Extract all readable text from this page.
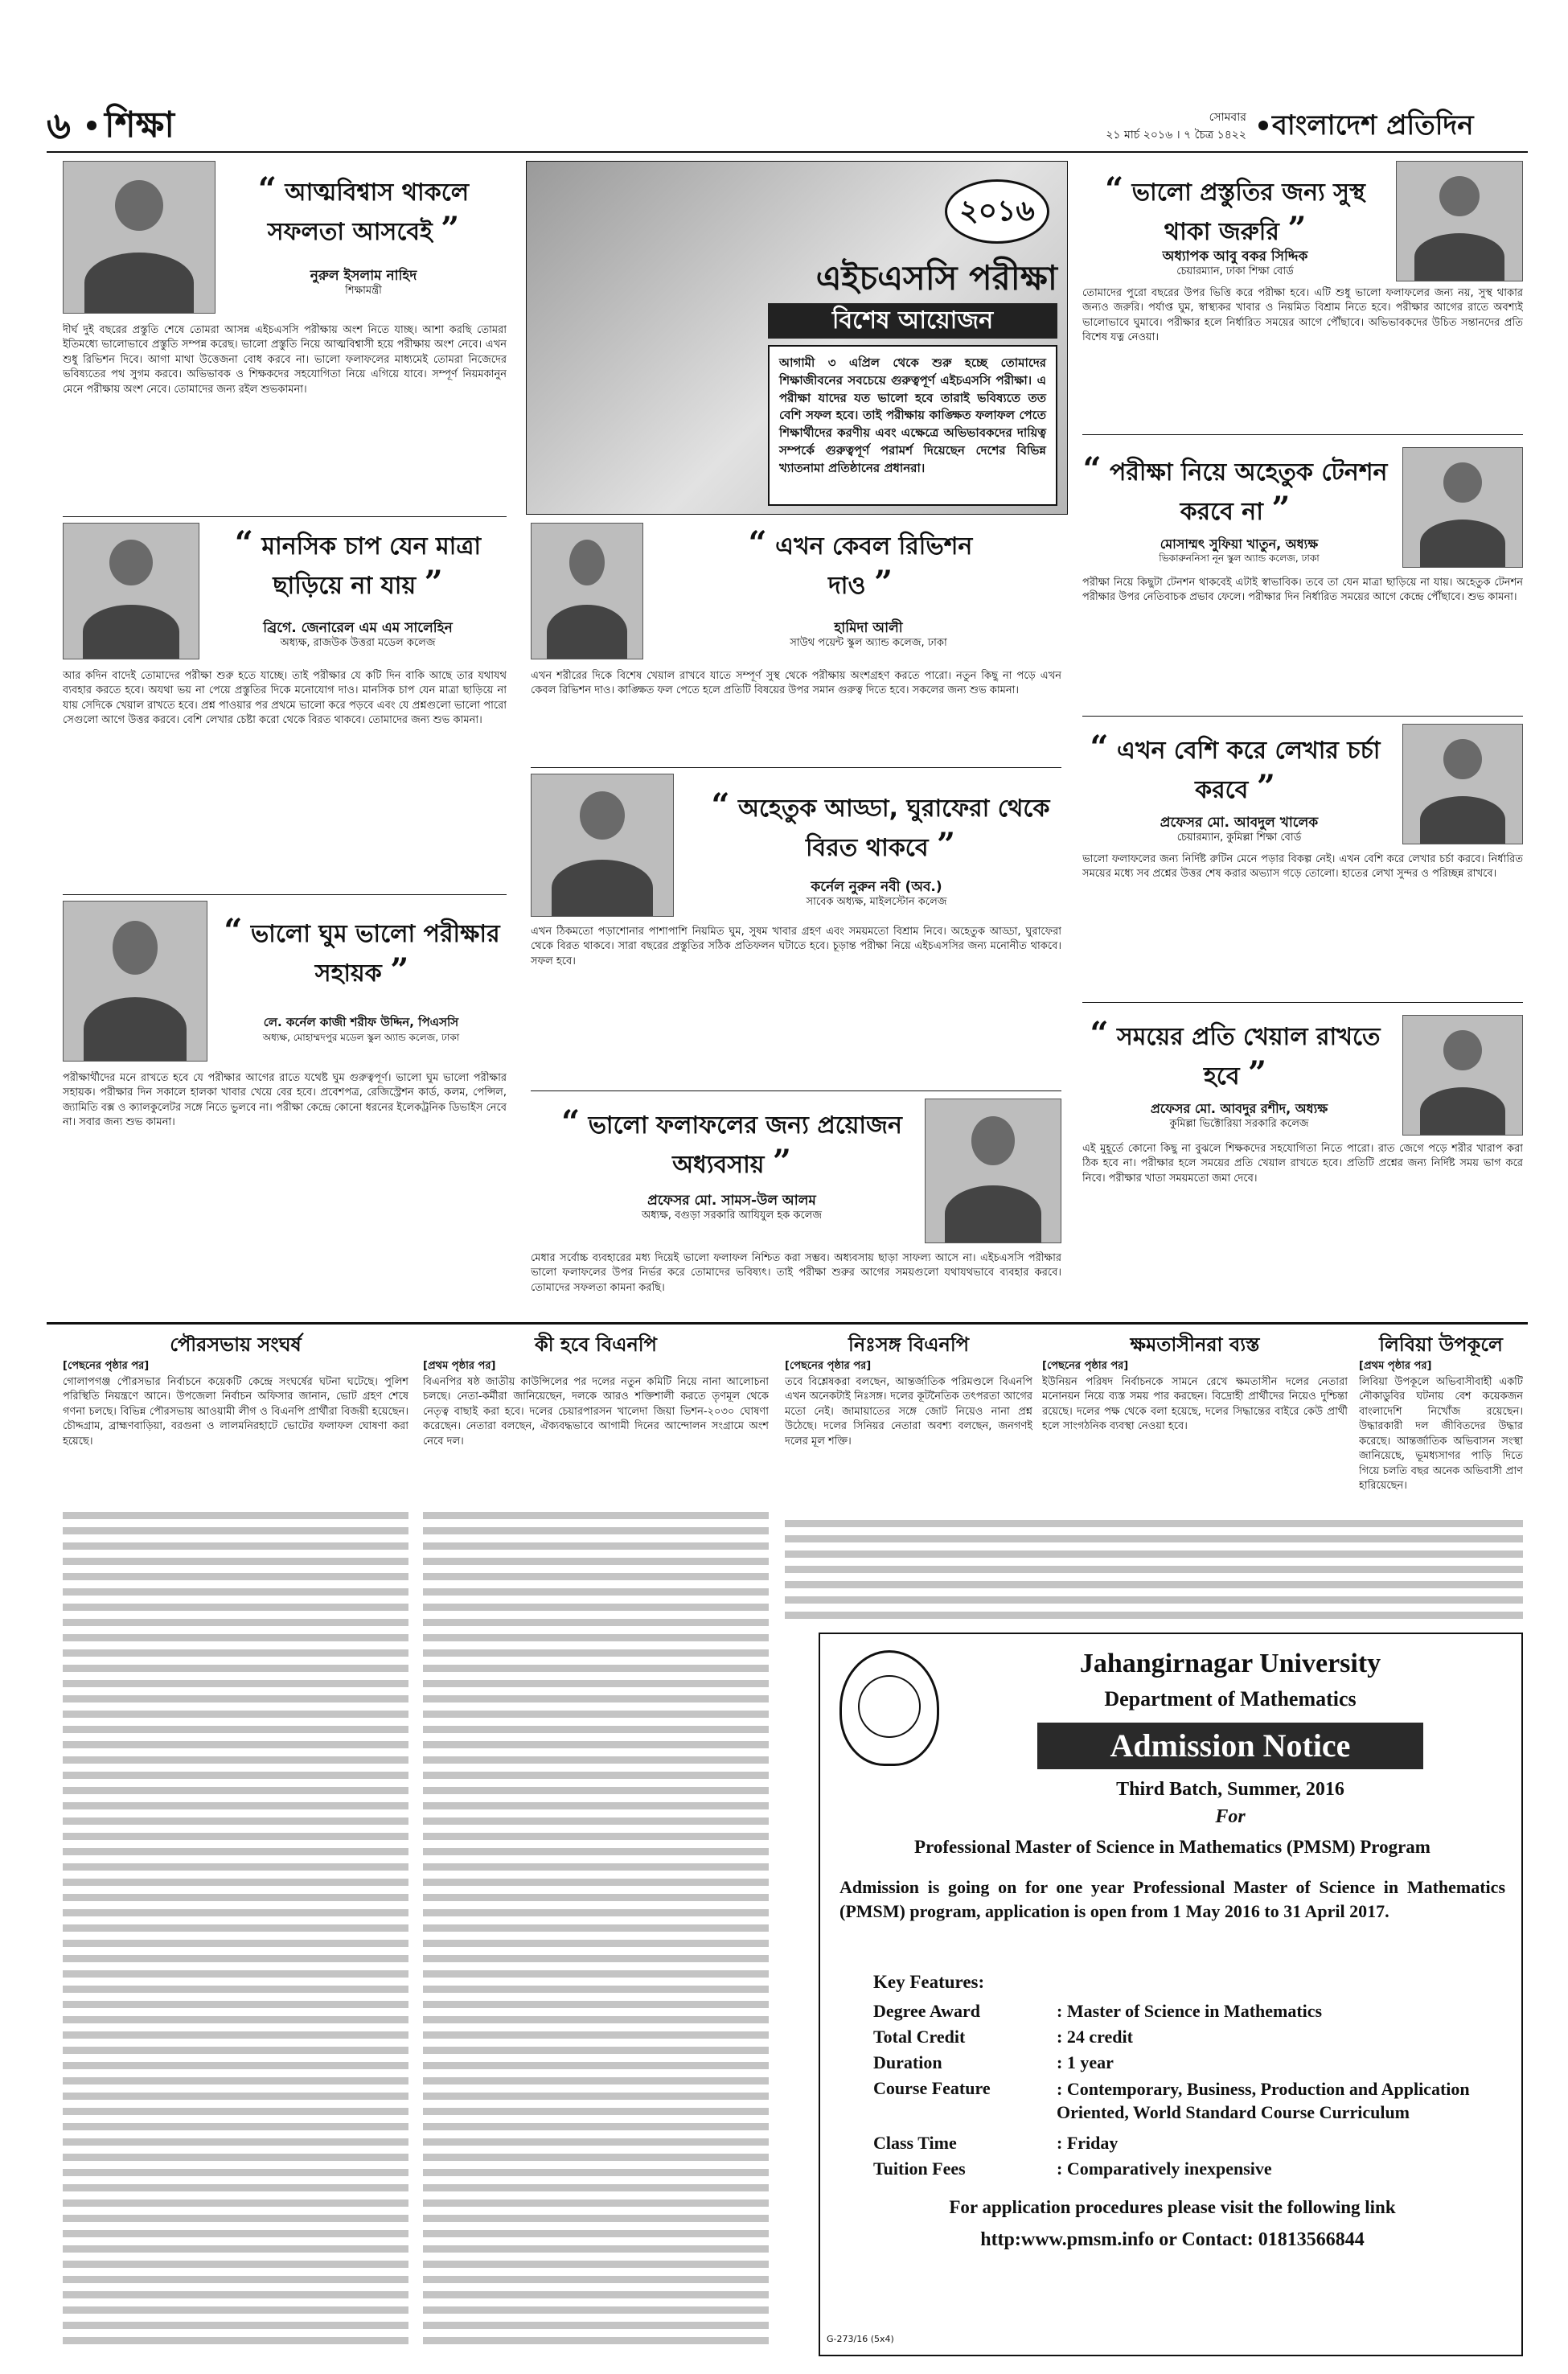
৬ শিক্ষা	সোমবার
২১ মার্চ ২০১৬ । ৭ চৈত্র ১৪২২ বাংলাদেশ প্রতিদিন
“ আত্মবিশ্বাস থাকলে সফলতা আসবেই ”
নুরুল ইসলাম নাহিদ
শিক্ষামন্ত্রী
দীর্ঘ দুই বছরের প্রস্তুতি শেষে তোমরা আসন্ন এইচএসসি পরীক্ষায় অংশ নিতে যাচ্ছ। আশা করছি তোমরা ইতিমধ্যে ভালোভাবে প্রস্তুতি সম্পন্ন করেছ। ভালো প্রস্তুতি নিয়ে আত্মবিশ্বাসী হয়ে পরীক্ষায় অংশ নেবে। এখন শুধু রিভিশন দিবে। আগা মাথা উত্তেজনা বোধ করবে না। ভালো ফলাফলের মাধ্যমেই তোমরা নিজেদের ভবিষ্যতের পথ সুগম করবে। অভিভাবক ও শিক্ষকদের সহযোগিতা নিয়ে এগিয়ে যাবে। সম্পূর্ণ নিয়মকানুন মেনে পরীক্ষায় অংশ নেবে। তোমাদের জন্য রইল শুভকামনা।
“ মানসিক চাপ যেন মাত্রা ছাড়িয়ে না যায় ”
ব্রিগে. জেনারেল এম এম সালেহিন
অধ্যক্ষ, রাজউক উত্তরা মডেল কলেজ
আর কদিন বাদেই তোমাদের পরীক্ষা শুরু হতে যাচ্ছে। তাই পরীক্ষার যে কটি দিন বাকি আছে তার যথাযথ ব্যবহার করতে হবে। অযথা ভয় না পেয়ে প্রস্তুতির দিকে মনোযোগ দাও। মানসিক চাপ যেন মাত্রা ছাড়িয়ে না যায় সেদিকে খেয়াল রাখতে হবে। প্রশ্ন পাওয়ার পর প্রথমে ভালো করে পড়বে এবং যে প্রশ্নগুলো ভালো পারো সেগুলো আগে উত্তর করবে। বেশি লেখার চেষ্টা করো থেকে বিরত থাকবে। তোমাদের জন্য শুভ কামনা।
“ ভালো ঘুম ভালো পরীক্ষার সহায়ক ”
লে. কর্নেল কাজী শরীফ উদ্দিন, পিএসসি
অধ্যক্ষ, মোহাম্মদপুর মডেল স্কুল অ্যান্ড কলেজ, ঢাকা
পরীক্ষার্থীদের মনে রাখতে হবে যে পরীক্ষার আগের রাতে যথেষ্ট ঘুম গুরুত্বপূর্ণ। ভালো ঘুম ভালো পরীক্ষার সহায়ক। পরীক্ষার দিন সকালে হালকা খাবার খেয়ে বের হবে। প্রবেশপত্র, রেজিস্ট্রেশন কার্ড, কলম, পেন্সিল, জ্যামিতি বক্স ও ক্যালকুলেটর সঙ্গে নিতে ভুলবে না। পরীক্ষা কেন্দ্রে কোনো ধরনের ইলেকট্রনিক ডিভাইস নেবে না। সবার জন্য শুভ কামনা।
২০১৬
এইচএসসি পরীক্ষা
বিশেষ আয়োজন
আগামী ৩ এপ্রিল থেকে শুরু হচ্ছে তোমাদের শিক্ষাজীবনের সবচেয়ে গুরুত্বপূর্ণ এইচএসসি পরীক্ষা। এ পরীক্ষা যাদের যত ভালো হবে তারাই ভবিষ্যতে তত বেশি সফল হবে। তাই পরীক্ষায় কাঙ্ক্ষিত ফলাফল পেতে শিক্ষার্থীদের করণীয় এবং এক্ষেত্রে অভিভাবকদের দায়িত্ব সম্পর্কে গুরুত্বপূর্ণ পরামর্শ দিয়েছেন দেশের বিভিন্ন খ্যাতনামা প্রতিষ্ঠানের প্রধানরা।
“ এখন কেবল রিভিশন দাও ”
হামিদা আলী
সাউথ পয়েন্ট স্কুল অ্যান্ড কলেজ, ঢাকা
এখন শরীরের দিকে বিশেষ খেয়াল রাখবে যাতে সম্পূর্ণ সুস্থ থেকে পরীক্ষায় অংশগ্রহণ করতে পারো। নতুন কিছু না পড়ে এখন কেবল রিভিশন দাও। কাঙ্ক্ষিত ফল পেতে হলে প্রতিটি বিষয়ের উপর সমান গুরুত্ব দিতে হবে। সকলের জন্য শুভ কামনা।
“ অহেতুক আড্ডা, ঘুরাফেরা থেকে বিরত থাকবে ”
কর্নেল নুরুন নবী (অব.)
সাবেক অধ্যক্ষ, মাইলস্টোন কলেজ
এখন ঠিকমতো পড়াশোনার পাশাপাশি নিয়মিত ঘুম, সুষম খাবার গ্রহণ এবং সময়মতো বিশ্রাম নিবে। অহেতুক আড্ডা, ঘুরাফেরা থেকে বিরত থাকবে। সারা বছরের প্রস্তুতির সঠিক প্রতিফলন ঘটাতে হবে। চূড়ান্ত পরীক্ষা নিয়ে এইচএসসির জন্য মনোনীত থাকবে। সফল হবে।
“ ভালো ফলাফলের জন্য প্রয়োজন অধ্যবসায় ”
প্রফেসর মো. সামস-উল আলম
অধ্যক্ষ, বগুড়া সরকারি আযিযুল হক কলেজ
মেধার সর্বোচ্চ ব্যবহারের মধ্য দিয়েই ভালো ফলাফল নিশ্চিত করা সম্ভব। অধ্যবসায় ছাড়া সাফল্য আসে না। এইচএসসি পরীক্ষার ভালো ফলাফলের উপর নির্ভর করে তোমাদের ভবিষ্যৎ। তাই পরীক্ষা শুরুর আগের সময়গুলো যথাযথভাবে ব্যবহার করবে। তোমাদের সফলতা কামনা করছি।
“ ভালো প্রস্তুতির জন্য সুস্থ থাকা জরুরি ”
অধ্যাপক আবু বকর সিদ্দিক
চেয়ারম্যান, ঢাকা শিক্ষা বোর্ড
তোমাদের পুরো বছরের উপর ভিত্তি করে পরীক্ষা হবে। এটি শুধু ভালো ফলাফলের জন্য নয়, সুস্থ থাকার জন্যও জরুরি। পর্যাপ্ত ঘুম, স্বাস্থ্যকর খাবার ও নিয়মিত বিশ্রাম নিতে হবে। পরীক্ষার আগের রাতে অবশ্যই ভালোভাবে ঘুমাবে। পরীক্ষার হলে নির্ধারিত সময়ের আগে পৌঁছাবে। অভিভাবকদের উচিত সন্তানদের প্রতি বিশেষ যত্ন নেওয়া।
“ পরীক্ষা নিয়ে অহেতুক টেনশন করবে না ”
মোসাম্মৎ সুফিয়া খাতুন, অধ্যক্ষ
ভিকারুননিসা নূন স্কুল অ্যান্ড কলেজ, ঢাকা
পরীক্ষা নিয়ে কিছুটা টেনশন থাকবেই এটাই স্বাভাবিক। তবে তা যেন মাত্রা ছাড়িয়ে না যায়। অহেতুক টেনশন পরীক্ষার উপর নেতিবাচক প্রভাব ফেলে। পরীক্ষার দিন নির্ধারিত সময়ের আগে কেন্দ্রে পৌঁছাবে। শুভ কামনা।
“ এখন বেশি করে লেখার চর্চা করবে ”
প্রফেসর মো. আবদুল খালেক
চেয়ারম্যান, কুমিল্লা শিক্ষা বোর্ড
ভালো ফলাফলের জন্য নির্দিষ্ট রুটিন মেনে পড়ার বিকল্প নেই। এখন বেশি করে লেখার চর্চা করবে। নির্ধারিত সময়ের মধ্যে সব প্রশ্নের উত্তর শেষ করার অভ্যাস গড়ে তোলো। হাতের লেখা সুন্দর ও পরিচ্ছন্ন রাখবে।
“ সময়ের প্রতি খেয়াল রাখতে হবে ”
প্রফেসর মো. আবদুর রশীদ, অধ্যক্ষ
কুমিল্লা ভিক্টোরিয়া সরকারি কলেজ
এই মুহূর্তে কোনো কিছু না বুঝলে শিক্ষকদের সহযোগিতা নিতে পারো। রাত জেগে পড়ে শরীর খারাপ করা ঠিক হবে না। পরীক্ষার হলে সময়ের প্রতি খেয়াল রাখতে হবে। প্রতিটি প্রশ্নের জন্য নির্দিষ্ট সময় ভাগ করে নিবে। পরীক্ষার খাতা সময়মতো জমা দেবে।
পৌরসভায় সংঘর্ষ
[পেছনের পৃষ্ঠার পর]
গোলাপগঞ্জ পৌরসভার নির্বাচনে কয়েকটি কেন্দ্রে সংঘর্ষের ঘটনা ঘটেছে। পুলিশ পরিস্থিতি নিয়ন্ত্রণে আনে। উপজেলা নির্বাচন অফিসার জানান, ভোট গ্রহণ শেষে গণনা চলছে। বিভিন্ন পৌরসভায় আওয়ামী লীগ ও বিএনপি প্রার্থীরা বিজয়ী হয়েছেন। চৌদ্দগ্রাম, ব্রাহ্মণবাড়িয়া, বরগুনা ও লালমনিরহাটে ভোটের ফলাফল ঘোষণা করা হয়েছে।
কী হবে বিএনপি
[প্রথম পৃষ্ঠার পর]
বিএনপির ষষ্ঠ জাতীয় কাউন্সিলের পর দলের নতুন কমিটি নিয়ে নানা আলোচনা চলছে। নেতা-কর্মীরা জানিয়েছেন, দলকে আরও শক্তিশালী করতে তৃণমূল থেকে নেতৃত্ব বাছাই করা হবে। দলের চেয়ারপারসন খালেদা জিয়া ভিশন-২০৩০ ঘোষণা করেছেন। নেতারা বলছেন, ঐক্যবদ্ধভাবে আগামী দিনের আন্দোলন সংগ্রামে অংশ নেবে দল।
নিঃসঙ্গ বিএনপি
[পেছনের পৃষ্ঠার পর]
তবে বিশ্লেষকরা বলছেন, আন্তর্জাতিক পরিমণ্ডলে বিএনপি এখন অনেকটাই নিঃসঙ্গ। দলের কূটনৈতিক তৎপরতা আগের মতো নেই। জামায়াতের সঙ্গে জোট নিয়েও নানা প্রশ্ন উঠেছে। দলের সিনিয়র নেতারা অবশ্য বলছেন, জনগণই দলের মূল শক্তি।
ক্ষমতাসীনরা ব্যস্ত
[পেছনের পৃষ্ঠার পর]
ইউনিয়ন পরিষদ নির্বাচনকে সামনে রেখে ক্ষমতাসীন দলের নেতারা মনোনয়ন নিয়ে ব্যস্ত সময় পার করছেন। বিদ্রোহী প্রার্থীদের নিয়েও দুশ্চিন্তা রয়েছে। দলের পক্ষ থেকে বলা হয়েছে, দলের সিদ্ধান্তের বাইরে কেউ প্রার্থী হলে সাংগঠনিক ব্যবস্থা নেওয়া হবে।
লিবিয়া উপকূলে
[প্রথম পৃষ্ঠার পর]
লিবিয়া উপকূলে অভিবাসীবাহী একটি নৌকাডুবির ঘটনায় বেশ কয়েকজন বাংলাদেশি নিখোঁজ রয়েছেন। উদ্ধারকারী দল জীবিতদের উদ্ধার করেছে। আন্তর্জাতিক অভিবাসন সংস্থা জানিয়েছে, ভূমধ্যসাগর পাড়ি দিতে গিয়ে চলতি বছর অনেক অভিবাসী প্রাণ হারিয়েছেন।
Jahangirnagar University
Department of Mathematics
Admission Notice
Third Batch, Summer, 2016
For
Professional Master of Science in Mathematics (PMSM) Program
Admission is going on for one year Professional Master of Science in Mathematics (PMSM) program, application is open from 1 May 2016 to 31 April 2017.
Key Features:
Degree Award	: Master of Science in Mathematics
Total Credit	: 24 credit
Duration	: 1 year
Course Feature	: Contemporary, Business, Production and Application Oriented, World Standard Course Curriculum
Class Time	: Friday
Tuition Fees	: Comparatively inexpensive
For application procedures please visit the following link
http:www.pmsm.info or Contact: 01813566844
G-273/16 (5x4)
